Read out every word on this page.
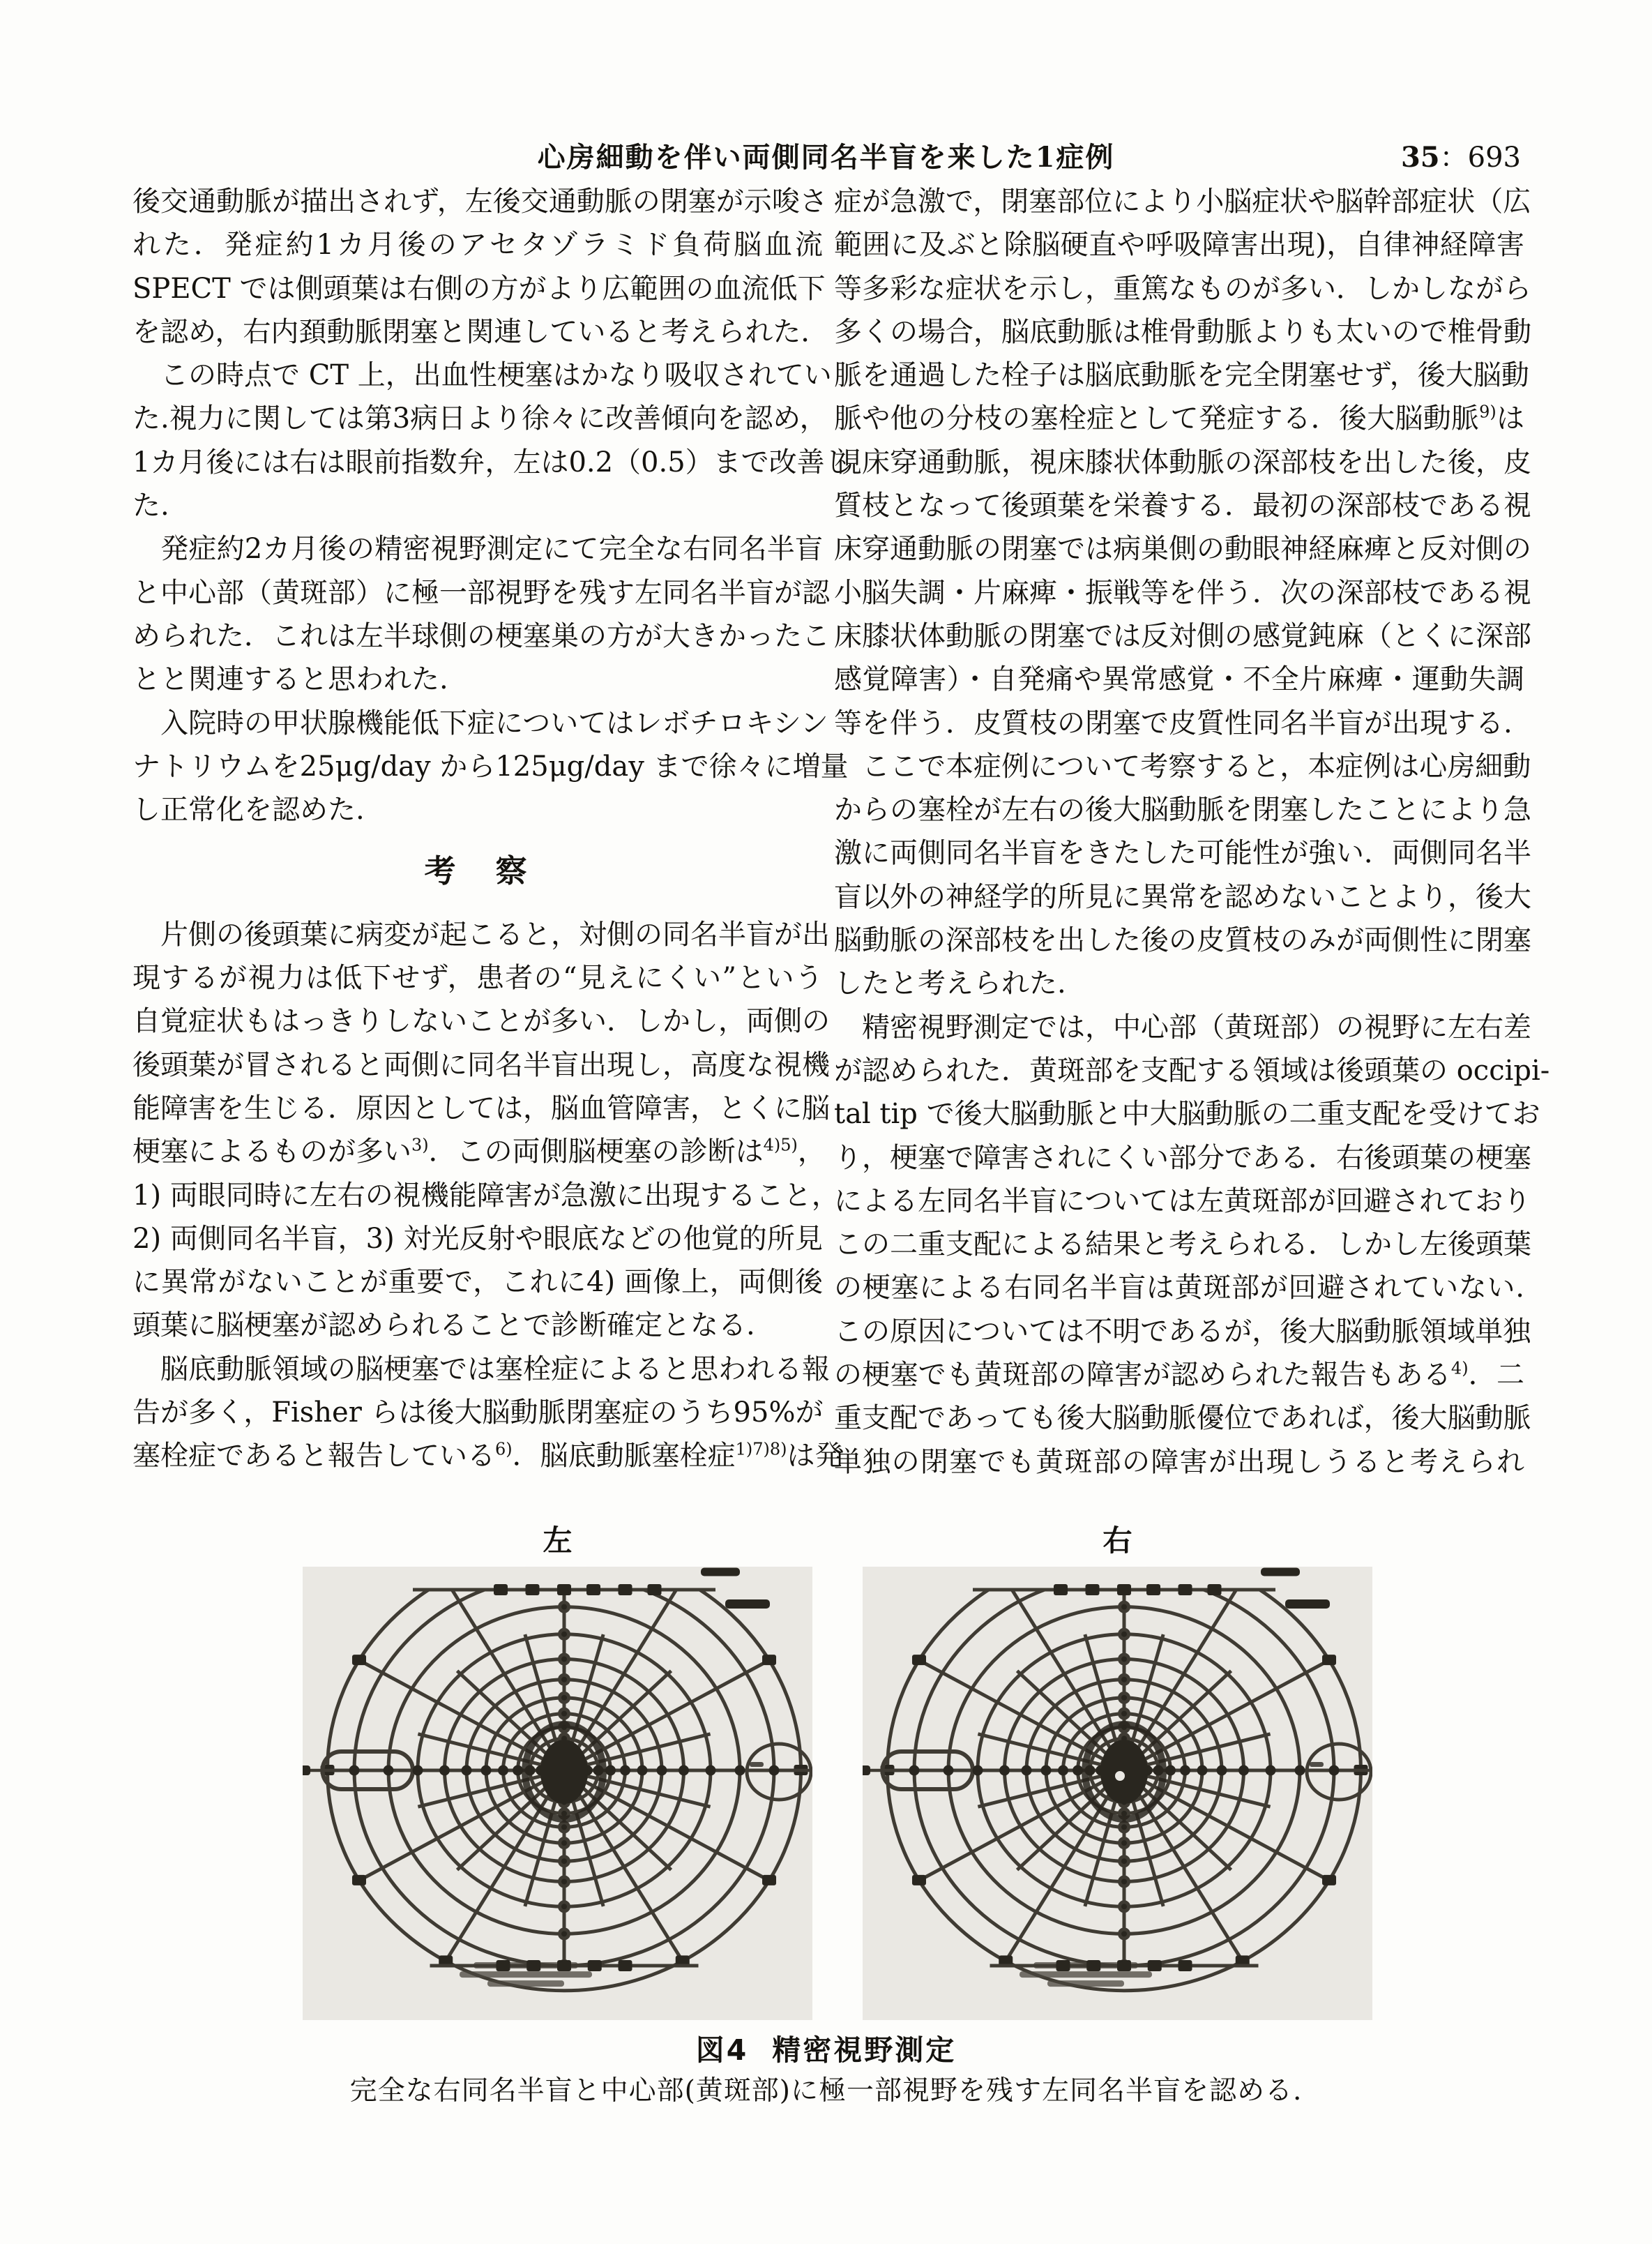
心房細動を伴い両側同名半盲を来した1症例	35：693
後交通動脈が描出されず，左後交通動脈の閉塞が示唆さ
れた．発症約1カ月後のアセタゾラミド負荷脳血流
SPECT では側頭葉は右側の方がより広範囲の血流低下
を認め，右内頚動脈閉塞と関連していると考えられた．
　この時点で CT 上，出血性梗塞はかなり吸収されてい
た.視力に関しては第3病日より徐々に改善傾向を認め，
1カ月後には右は眼前指数弁，左は0.2（0.5）まで改善し
た.
　発症約2カ月後の精密視野測定にて完全な右同名半盲
と中心部（黄斑部）に極一部視野を残す左同名半盲が認
められた．これは左半球側の梗塞巣の方が大きかったこ
とと関連すると思われた.
　入院時の甲状腺機能低下症についてはレボチロキシン
ナトリウムを25μg/day から125μg/day まで徐々に増量
し正常化を認めた.
考　察
　片側の後頭葉に病変が起こると，対側の同名半盲が出
現するが視力は低下せず，患者の“見えにくい”という
自覚症状もはっきりしないことが多い．しかし，両側の
後頭葉が冒されると両側に同名半盲出現し，高度な視機
能障害を生じる．原因としては，脳血管障害，とくに脳
梗塞によるものが多い$^{3)}$．この両側脳梗塞の診断は$^{4)5)}$，
1) 両眼同時に左右の視機能障害が急激に出現すること，
2) 両側同名半盲，3) 対光反射や眼底などの他覚的所見
に異常がないことが重要で，これに4) 画像上，両側後
頭葉に脳梗塞が認められることで診断確定となる.
　脳底動脈領域の脳梗塞では塞栓症によると思われる報
告が多く，Fisher らは後大脳動脈閉塞症のうち95%が
塞栓症であると報告している$^{6)}$．脳底動脈塞栓症$^{1)7)8)}$は発
症が急激で，閉塞部位により小脳症状や脳幹部症状（広
範囲に及ぶと除脳硬直や呼吸障害出現)，自律神経障害
等多彩な症状を示し，重篤なものが多い．しかしながら
多くの場合，脳底動脈は椎骨動脈よりも太いので椎骨動
脈を通過した栓子は脳底動脈を完全閉塞せず，後大脳動
脈や他の分枝の塞栓症として発症する．後大脳動脈$^{9)}$は
視床穿通動脈，視床膝状体動脈の深部枝を出した後，皮
質枝となって後頭葉を栄養する．最初の深部枝である視
床穿通動脈の閉塞では病巣側の動眼神経麻痺と反対側の
小脳失調・片麻痺・振戦等を伴う．次の深部枝である視
床膝状体動脈の閉塞では反対側の感覚鈍麻（とくに深部
感覚障害）・自発痛や異常感覚・不全片麻痺・運動失調
等を伴う．皮質枝の閉塞で皮質性同名半盲が出現する.
　ここで本症例について考察すると，本症例は心房細動
からの塞栓が左右の後大脳動脈を閉塞したことにより急
激に両側同名半盲をきたした可能性が強い．両側同名半
盲以外の神経学的所見に異常を認めないことより，後大
脳動脈の深部枝を出した後の皮質枝のみが両側性に閉塞
したと考えられた.
　精密視野測定では，中心部（黄斑部）の視野に左右差
が認められた．黄斑部を支配する領域は後頭葉の occipi-
tal tip で後大脳動脈と中大脳動脈の二重支配を受けてお
り，梗塞で障害されにくい部分である．右後頭葉の梗塞
による左同名半盲については左黄斑部が回避されており
この二重支配による結果と考えられる．しかし左後頭葉
の梗塞による右同名半盲は黄斑部が回避されていない.
この原因については不明であるが，後大脳動脈領域単独
の梗塞でも黄斑部の障害が認められた報告もある$^{4)}$．二
重支配であっても後大脳動脈優位であれば，後大脳動脈
単独の閉塞でも黄斑部の障害が出現しうると考えられ
左	右
図4 精密視野測定
完全な右同名半盲と中心部(黄斑部)に極一部視野を残す左同名半盲を認める.
